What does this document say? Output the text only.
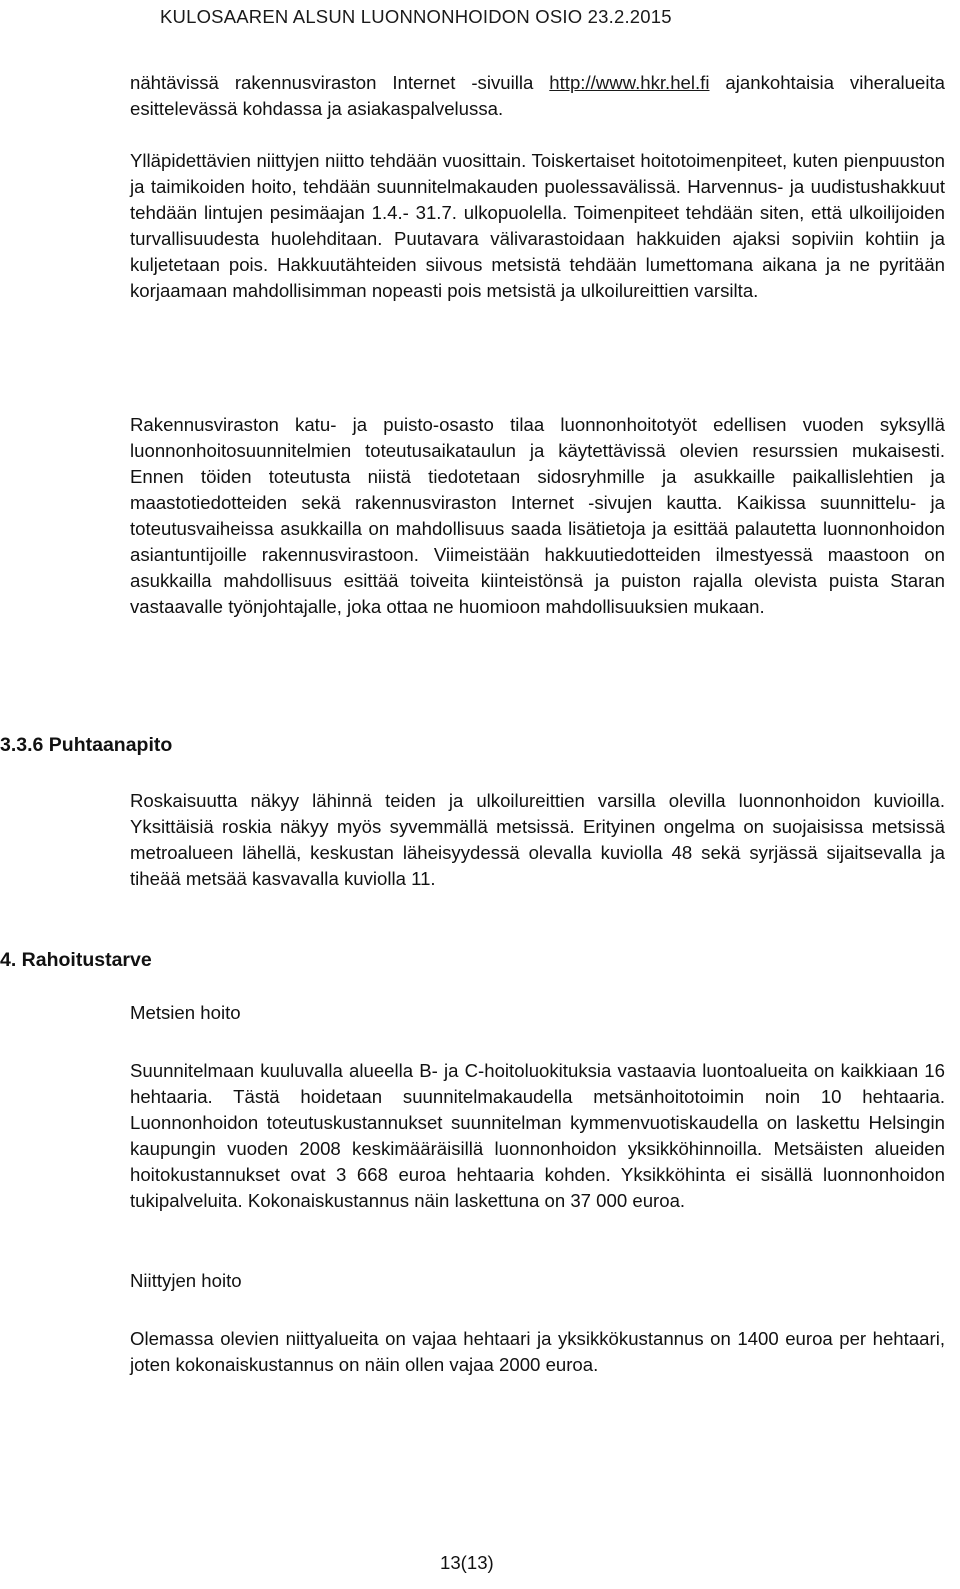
KULOSAAREN ALSUN LUONNONHOIDON OSIO 23.2.2015

nähtävissä rakennusviraston Internet -sivuilla http://www.hkr.hel.fi ajankohtaisia viheralueita esittelevässä kohdassa ja asiakaspalvelussa.

Ylläpidettävien niittyjen niitto tehdään vuosittain. Toiskertaiset hoitotoimenpiteet, kuten pienpuuston ja taimikoiden hoito, tehdään suunnitelmakauden puolessavälissä. Harvennus- ja uudistushakkuut tehdään lintujen pesimäajan 1.4.- 31.7. ulkopuolella. Toimenpiteet tehdään siten, että ulkoilijoiden turvallisuudesta huolehditaan. Puutavara välivarastoidaan hakkuiden ajaksi sopiviin kohtiin ja kuljetetaan pois. Hakkuutähteiden siivous metsistä tehdään lumettomana aikana ja ne pyritään korjaamaan mahdollisimman nopeasti pois metsistä ja ulkoilureittien varsilta.

Rakennusviraston katu- ja puisto-osasto tilaa luonnonhoitotyöt edellisen vuoden syksyllä luonnonhoitosuunnitelmien toteutusaikataulun ja käytettävissä olevien resurssien mukaisesti. Ennen töiden toteutusta niistä tiedotetaan sidosryhmille ja asukkaille paikallislehtien ja maastotiedotteiden sekä rakennusviraston Internet -sivujen kautta. Kaikissa suunnittelu- ja toteutusvaiheissa asukkailla on mahdollisuus saada lisätietoja ja esittää palautetta luonnonhoidon asiantuntijoille rakennusvirastoon. Viimeistään hakkuutiedotteiden ilmestyessä maastoon on asukkailla mahdollisuus esittää toiveita kiinteistönsä ja puiston rajalla olevista puista Staran vastaavalle työnjohtajalle, joka ottaa ne huomioon mahdollisuuksien mukaan.

3.3.6 Puhtaanapito

Roskaisuutta näkyy lähinnä teiden ja ulkoilureittien varsilla olevilla luonnonhoidon kuvioilla. Yksittäisiä roskia näkyy myös syvemmällä metsissä. Erityinen ongelma on suojaisissa metsissä metroalueen lähellä, keskustan läheisyydessä olevalla kuviolla 48 sekä syrjässä sijaitsevalla ja tiheää metsää kasvavalla kuviolla 11.

4. Rahoitustarve
Metsien hoito

Suunnitelmaan kuuluvalla alueella B- ja C-hoitoluokituksia vastaavia luontoalueita on kaikkiaan 16 hehtaaria. Tästä hoidetaan suunnitelmakaudella metsänhoitotoimin noin 10 hehtaaria. Luonnonhoidon toteutuskustannukset suunnitelman kymmenvuotiskaudella on laskettu Helsingin kaupungin vuoden 2008 keskimääräisillä luonnonhoidon yksikköhinnoilla. Metsäisten alueiden hoitokustannukset ovat 3 668 euroa hehtaaria kohden. Yksikköhinta ei sisällä luonnonhoidon tukipalveluita. Kokonaiskustannus näin laskettuna on 37 000 euroa.

Niittyjen hoito

Olemassa olevien niittyalueita on vajaa hehtaari ja yksikkökustannus on 1400 euroa per hehtaari, joten kokonaiskustannus on näin ollen vajaa 2000 euroa.

13(13)
